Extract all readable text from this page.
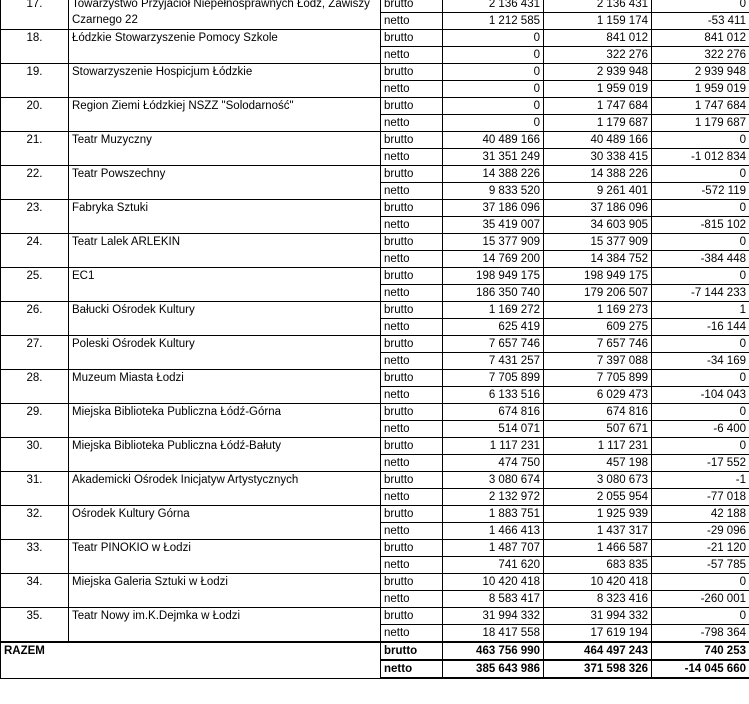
17.	Towarzystwo Przyjaciół Niepełnosprawnych Łódź, Zawiszy Czarnego 22	brutto	2 136 431	2 136 431	0
		netto	1 212 585	1 159 174	-53 411
18.	Łódzkie Stowarzyszenie Pomocy Szkole	brutto	0	841 012	841 012
		netto	0	322 276	322 276
19.	Stowarzyszenie Hospicjum Łódzkie	brutto	0	2 939 948	2 939 948
		netto	0	1 959 019	1 959 019
20.	Region Ziemi Łódzkiej NSZZ "Solodarność"	brutto	0	1 747 684	1 747 684
		netto	0	1 179 687	1 179 687
21.	Teatr Muzyczny	brutto	40 489 166	40 489 166	0
		netto	31 351 249	30 338 415	-1 012 834
22.	Teatr Powszechny	brutto	14 388 226	14 388 226	0
		netto	9 833 520	9 261 401	-572 119
23.	Fabryka Sztuki	brutto	37 186 096	37 186 096	0
		netto	35 419 007	34 603 905	-815 102
24.	Teatr Lalek ARLEKIN	brutto	15 377 909	15 377 909	0
		netto	14 769 200	14 384 752	-384 448
25.	EC1	brutto	198 949 175	198 949 175	0
		netto	186 350 740	179 206 507	-7 144 233
26.	Bałucki Ośrodek Kultury	brutto	1 169 272	1 169 273	1
		netto	625 419	609 275	-16 144
27.	Poleski Ośrodek Kultury	brutto	7 657 746	7 657 746	0
		netto	7 431 257	7 397 088	-34 169
28.	Muzeum Miasta Łodzi	brutto	7 705 899	7 705 899	0
		netto	6 133 516	6 029 473	-104 043
29.	Miejska Biblioteka Publiczna Łódź-Górna	brutto	674 816	674 816	0
		netto	514 071	507 671	-6 400
30.	Miejska Biblioteka Publiczna Łódź-Bałuty	brutto	1 117 231	1 117 231	0
		netto	474 750	457 198	-17 552
31.	Akademicki Ośrodek Inicjatyw Artystycznych	brutto	3 080 674	3 080 673	-1
		netto	2 132 972	2 055 954	-77 018
32.	Ośrodek Kultury Górna	brutto	1 883 751	1 925 939	42 188
		netto	1 466 413	1 437 317	-29 096
33.	Teatr PINOKIO w Łodzi	brutto	1 487 707	1 466 587	-21 120
		netto	741 620	683 835	-57 785
34.	Miejska Galeria Sztuki w Łodzi	brutto	10 420 418	10 420 418	0
		netto	8 583 417	8 323 416	-260 001
35.	Teatr Nowy im.K.Dejmka w Łodzi	brutto	31 994 332	31 994 332	0
		netto	18 417 558	17 619 194	-798 364
RAZEM		brutto	463 756 990	464 497 243	740 253
		netto	385 643 986	371 598 326	-14 045 660
